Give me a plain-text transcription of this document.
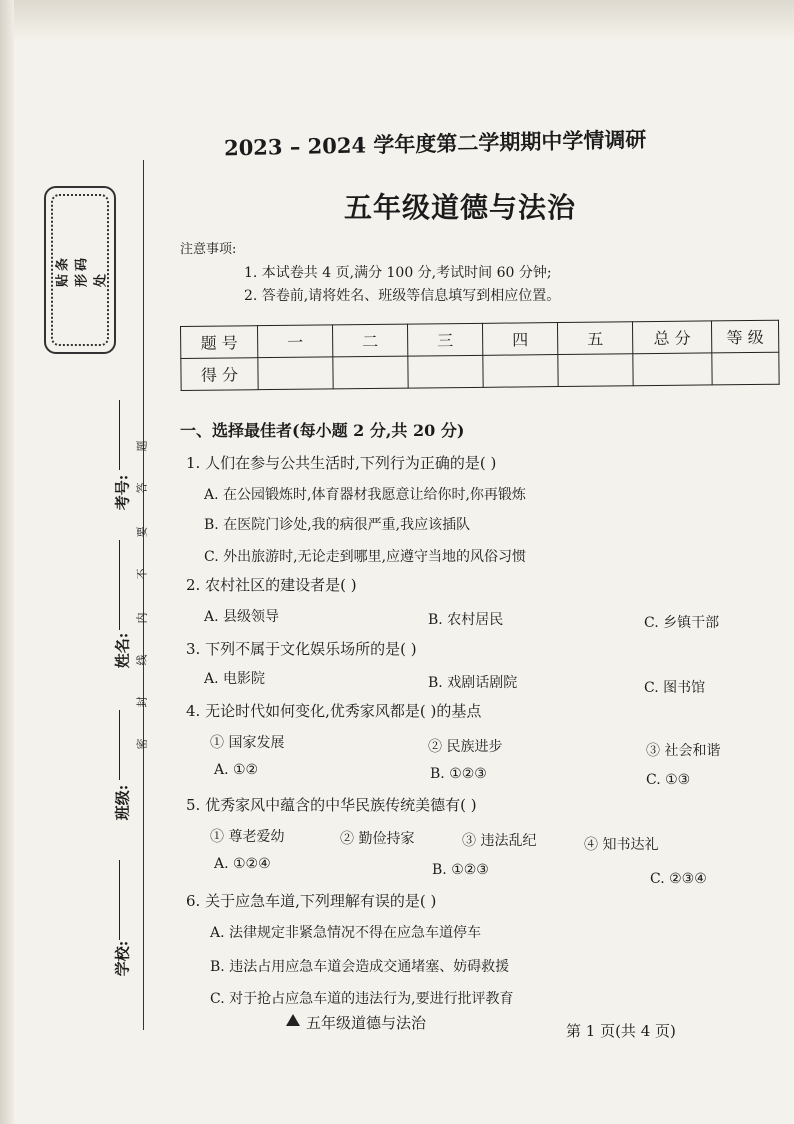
贴条形码处
题
答
要
不
内
线
封
密
考号:
姓名:
班级:
学校:
2023 – 2024 学年度第二学期期中学情调研
五年级道德与法治
注意事项:
1. 本试卷共 4 页,满分 100 分,考试时间 60 分钟;
2. 答卷前,请将姓名、班级等信息填写到相应位置。
题 号	一	二	三	四	五	总 分	等 级
得 分							
一、选择最佳者(每小题 2 分,共 20 分)
1. 人们在参与公共生活时,下列行为正确的是( )
A. 在公园锻炼时,体育器材我愿意让给你时,你再锻炼
B. 在医院门诊处,我的病很严重,我应该插队
C. 外出旅游时,无论走到哪里,应遵守当地的风俗习惯
2. 农村社区的建设者是( )
A. 县级领导	B. 农村居民	C. 乡镇干部
3. 下列不属于文化娱乐场所的是( )
A. 电影院	B. 戏剧话剧院	C. 图书馆
4. 无论时代如何变化,优秀家风都是( )的基点
① 国家发展	② 民族进步	③ 社会和谐
A. ①②	B. ①②③	C. ①③
5. 优秀家风中蕴含的中华民族传统美德有( )
① 尊老爱幼	② 勤俭持家	③ 违法乱纪	④ 知书达礼
A. ①②④	B. ①②③
C. ②③④
6. 关于应急车道,下列理解有误的是( )
A. 法律规定非紧急情况不得在应急车道停车
B. 违法占用应急车道会造成交通堵塞、妨碍救援
C. 对于抢占应急车道的违法行为,要进行批评教育
五年级道德与法治	第 1 页(共 4 页)
